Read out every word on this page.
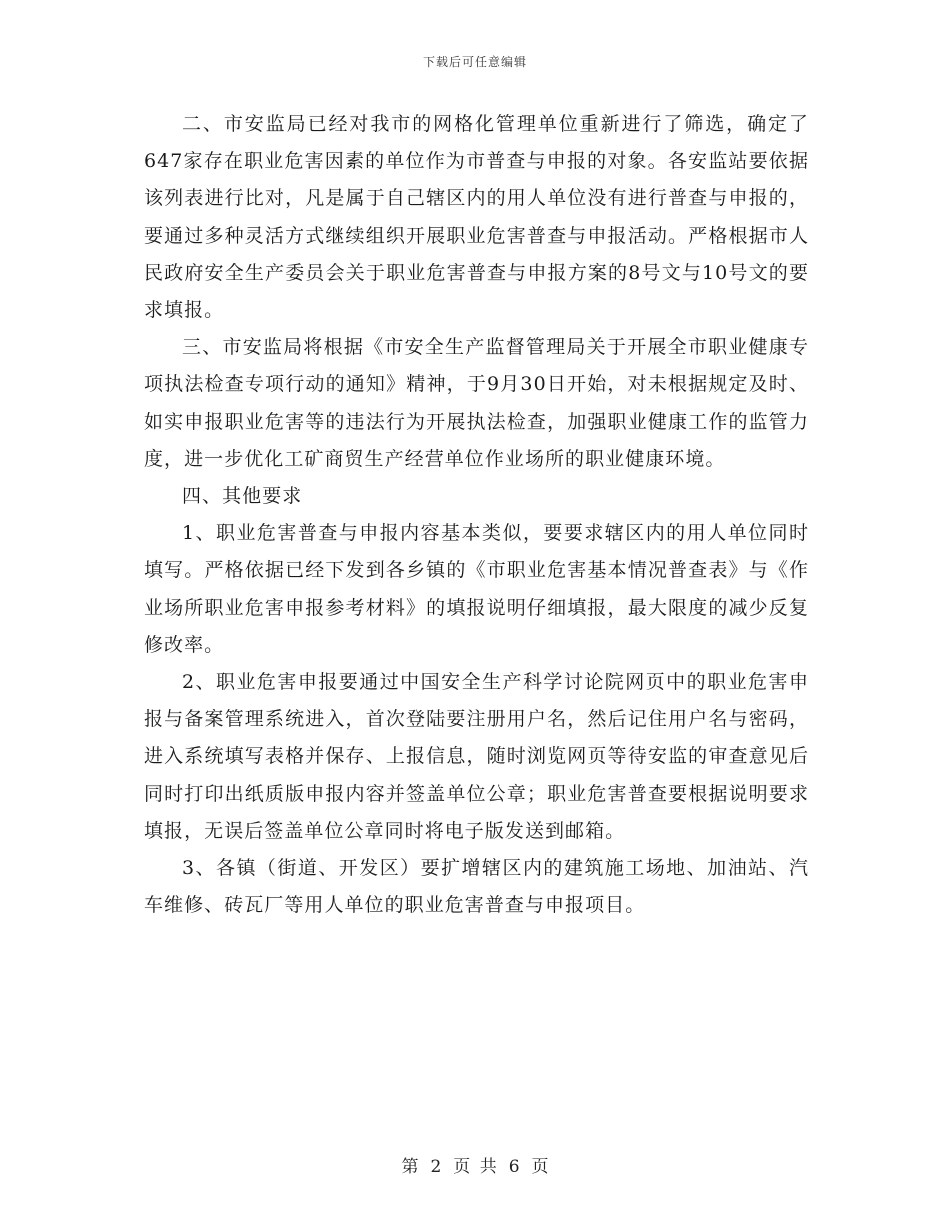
下载后可任意编辑

二、市安监局已经对我市的网格化管理单位重新进行了筛选，确定了647家存在职业危害因素的单位作为市普查与申报的对象。各安监站要依据该列表进行比对，凡是属于自己辖区内的用人单位没有进行普查与申报的，要通过多种灵活方式继续组织开展职业危害普查与申报活动。严格根据市人民政府安全生产委员会关于职业危害普查与申报方案的8号文与10号文的要求填报。

三、市安监局将根据《市安全生产监督管理局关于开展全市职业健康专项执法检查专项行动的通知》精神，于9月30日开始，对未根据规定及时、如实申报职业危害等的违法行为开展执法检查，加强职业健康工作的监管力度，进一步优化工矿商贸生产经营单位作业场所的职业健康环境。

四、其他要求

1、职业危害普查与申报内容基本类似，要要求辖区内的用人单位同时填写。严格依据已经下发到各乡镇的《市职业危害基本情况普查表》与《作业场所职业危害申报参考材料》的填报说明仔细填报，最大限度的减少反复修改率。

2、职业危害申报要通过中国安全生产科学讨论院网页中的职业危害申报与备案管理系统进入，首次登陆要注册用户名，然后记住用户名与密码，进入系统填写表格并保存、上报信息，随时浏览网页等待安监的审查意见后同时打印出纸质版申报内容并签盖单位公章；职业危害普查要根据说明要求填报，无误后签盖单位公章同时将电子版发送到邮箱。

3、各镇（街道、开发区）要扩增辖区内的建筑施工场地、加油站、汽车维修、砖瓦厂等用人单位的职业危害普查与申报项目。

第 2 页 共 6 页
